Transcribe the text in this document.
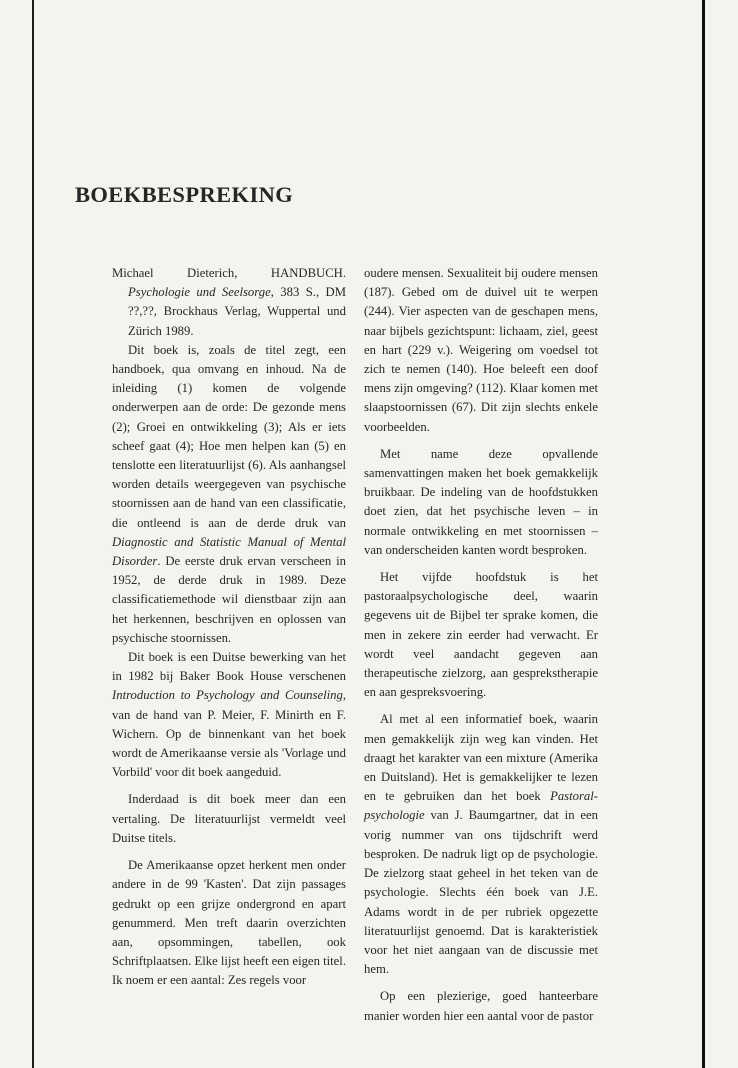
BOEKBESPREKING

Michael Dieterich, HANDBUCH. Psychologie und Seelsorge, 383 S., DM ??,??, Brockhaus Verlag, Wuppertal und Zürich 1989.

Dit boek is, zoals de titel zegt, een handboek, qua omvang en inhoud. Na de inleiding (1) komen de volgende onderwerpen aan de orde: De gezonde mens (2); Groei en ontwikkeling (3); Als er iets scheef gaat (4); Hoe men helpen kan (5) en tenslotte een literatuurlijst (6). Als aanhangsel worden details weergegeven van psychische stoornissen aan de hand van een classificatie, die ontleend is aan de derde druk van Diagnostic and Statistic Manual of Mental Disorder. De eerste druk ervan verscheen in 1952, de derde druk in 1989. Deze classificatiemethode wil dienstbaar zijn aan het herkennen, beschrijven en oplossen van psychische stoornissen.

Dit boek is een Duitse bewerking van het in 1982 bij Baker Book House verschenen Introduction to Psychology and Counseling, van de hand van P. Meier, F. Minirth en F. Wichern. Op de binnenkant van het boek wordt de Amerikaanse versie als 'Vorlage und Vorbild' voor dit boek aangeduid.

Inderdaad is dit boek meer dan een vertaling. De literatuurlijst vermeldt veel Duitse titels.

De Amerikaanse opzet herkent men onder andere in de 99 'Kasten'. Dat zijn passages gedrukt op een grijze ondergrond en apart genummerd. Men treft daarin overzichten aan, opsommingen, tabellen, ook Schriftplaatsen. Elke lijst heeft een eigen titel. Ik noem er een aantal: Zes regels voor

oudere mensen. Sexualiteit bij oudere mensen (187). Gebed om de duivel uit te werpen (244). Vier aspecten van de geschapen mens, naar bijbels gezichtspunt: lichaam, ziel, geest en hart (229 v.). Weigering om voedsel tot zich te nemen (140). Hoe beleeft een doof mens zijn omgeving? (112). Klaar komen met slaapstoornissen (67). Dit zijn slechts enkele voorbeelden.

Met name deze opvallende samenvattingen maken het boek gemakkelijk bruikbaar. De indeling van de hoofdstukken doet zien, dat het psychische leven – in normale ontwikkeling en met stoornissen – van onderscheiden kanten wordt besproken.

Het vijfde hoofdstuk is het pastoraalpsychologische deel, waarin gegevens uit de Bijbel ter sprake komen, die men in zekere zin eerder had verwacht. Er wordt veel aandacht gegeven aan therapeutische zielzorg, aan gesprekstherapie en aan gespreksvoering.

Al met al een informatief boek, waarin men gemakkelijk zijn weg kan vinden. Het draagt het karakter van een mixture (Amerika en Duitsland). Het is gemakkelijker te lezen en te gebruiken dan het boek Pastoral-psychologie van J. Baumgartner, dat in een vorig nummer van ons tijdschrift werd besproken. De nadruk ligt op de psychologie. De zielzorg staat geheel in het teken van de psychologie. Slechts één boek van J.E. Adams wordt in de per rubriek opgezette literatuurlijst genoemd. Dat is karakteristiek voor het niet aangaan van de discussie met hem.

Op een plezierige, goed hanteerbare manier worden hier een aantal voor de pastor
